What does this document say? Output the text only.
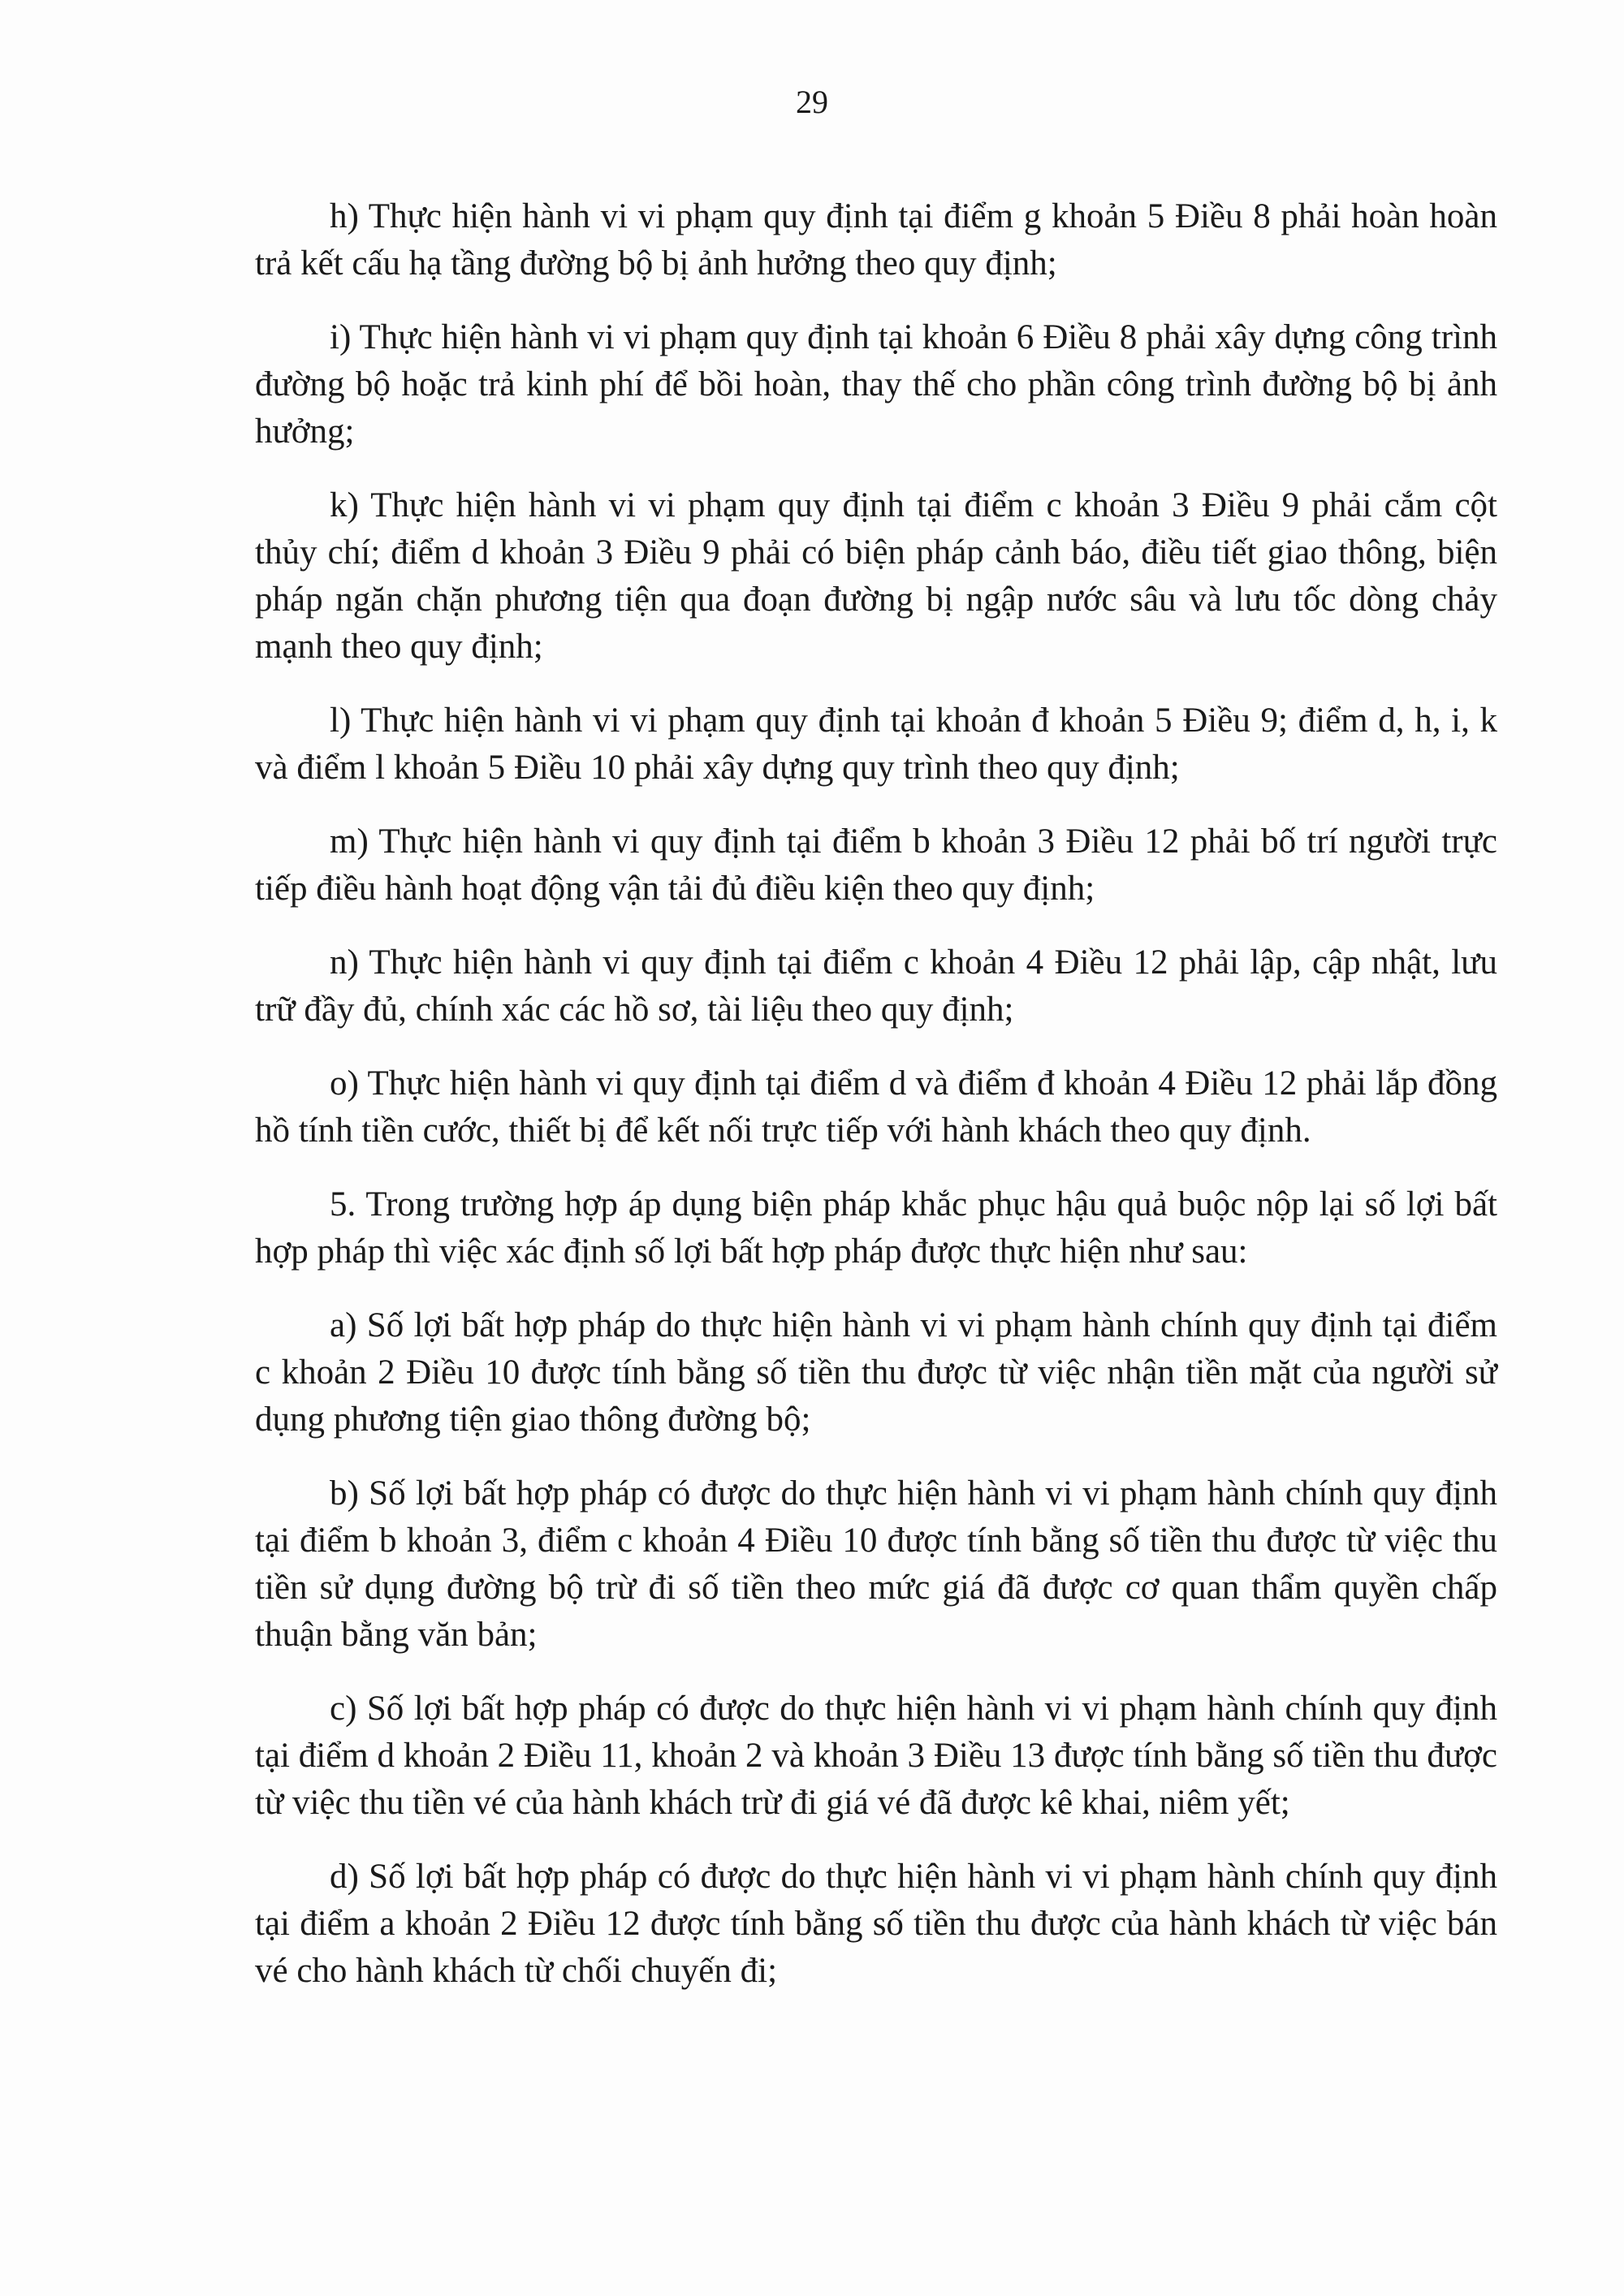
29

h) Thực hiện hành vi vi phạm quy định tại điểm g khoản 5 Điều 8 phải hoàn hoàn trả kết cấu hạ tầng đường bộ bị ảnh hưởng theo quy định;

i) Thực hiện hành vi vi phạm quy định tại khoản 6 Điều 8 phải xây dựng công trình đường bộ hoặc trả kinh phí để bồi hoàn, thay thế cho phần công trình đường bộ bị ảnh hưởng;

k) Thực hiện hành vi vi phạm quy định tại điểm c khoản 3 Điều 9 phải cắm cột thủy chí; điểm d khoản 3 Điều 9 phải có biện pháp cảnh báo, điều tiết giao thông, biện pháp ngăn chặn phương tiện qua đoạn đường bị ngập nước sâu và lưu tốc dòng chảy mạnh theo quy định;

l) Thực hiện hành vi vi phạm quy định tại khoản đ khoản 5 Điều 9; điểm d, h, i, k và điểm l khoản 5 Điều 10 phải xây dựng quy trình theo quy định;

m) Thực hiện hành vi quy định tại điểm b khoản 3 Điều 12 phải bố trí người trực tiếp điều hành hoạt động vận tải đủ điều kiện theo quy định;

n) Thực hiện hành vi quy định tại điểm c khoản 4 Điều 12 phải lập, cập nhật, lưu trữ đầy đủ, chính xác các hồ sơ, tài liệu theo quy định;

o) Thực hiện hành vi quy định tại điểm d và điểm đ khoản 4 Điều 12 phải lắp đồng hồ tính tiền cước, thiết bị để kết nối trực tiếp với hành khách theo quy định.

5. Trong trường hợp áp dụng biện pháp khắc phục hậu quả buộc nộp lại số lợi bất hợp pháp thì việc xác định số lợi bất hợp pháp được thực hiện như sau:

a) Số lợi bất hợp pháp do thực hiện hành vi vi phạm hành chính quy định tại điểm c khoản 2 Điều 10 được tính bằng số tiền thu được từ việc nhận tiền mặt của người sử dụng phương tiện giao thông đường bộ;

b) Số lợi bất hợp pháp có được do thực hiện hành vi vi phạm hành chính quy định tại điểm b khoản 3, điểm c khoản 4 Điều 10 được tính bằng số tiền thu được từ việc thu tiền sử dụng đường bộ trừ đi số tiền theo mức giá đã được cơ quan thẩm quyền chấp thuận bằng văn bản;

c) Số lợi bất hợp pháp có được do thực hiện hành vi vi phạm hành chính quy định tại điểm d khoản 2 Điều 11, khoản 2 và khoản 3 Điều 13 được tính bằng số tiền thu được từ việc thu tiền vé của hành khách trừ đi giá vé đã được kê khai, niêm yết;

d) Số lợi bất hợp pháp có được do thực hiện hành vi vi phạm hành chính quy định tại điểm a khoản 2 Điều 12 được tính bằng số tiền thu được của hành khách từ việc bán vé cho hành khách từ chối chuyến đi;
